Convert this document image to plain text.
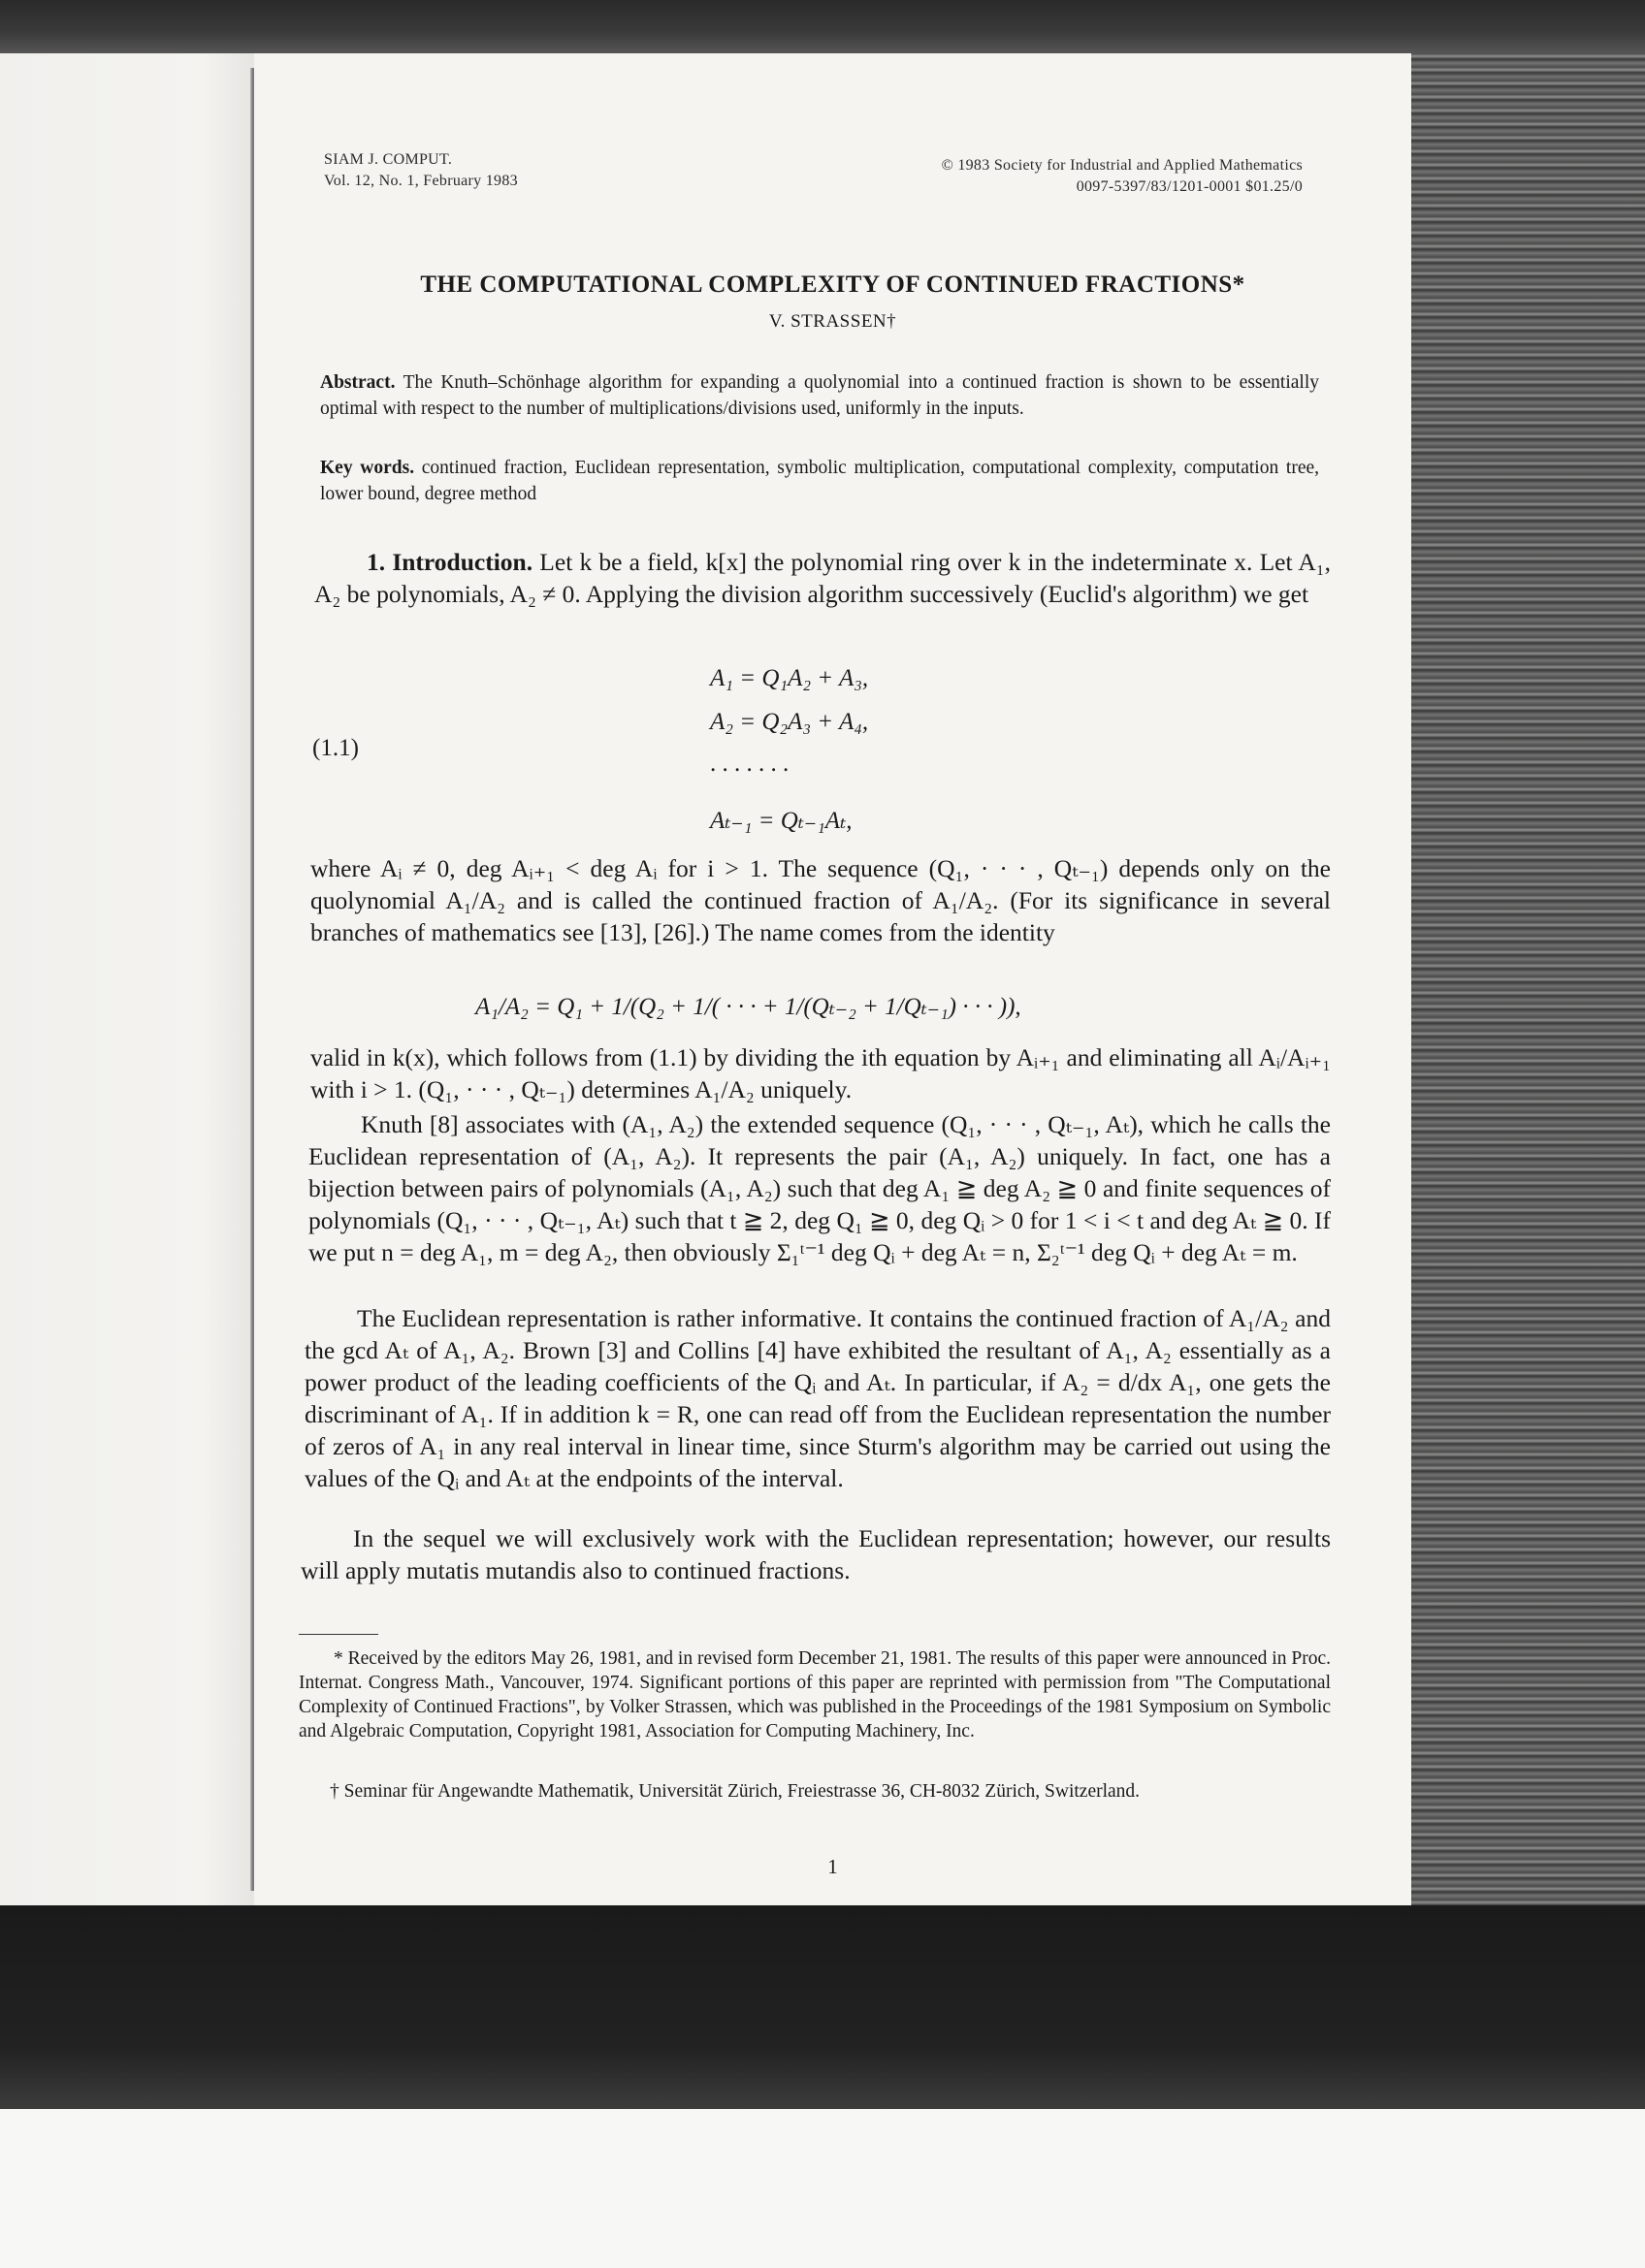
SIAM J. COMPUT.
Vol. 12, No. 1, February 1983
© 1983 Society for Industrial and Applied Mathematics
0097-5397/83/1201-0001 $01.25/0
THE COMPUTATIONAL COMPLEXITY OF CONTINUED FRACTIONS*
V. STRASSEN†
Abstract. The Knuth–Schönhage algorithm for expanding a quolynomial into a continued fraction is shown to be essentially optimal with respect to the number of multiplications/divisions used, uniformly in the inputs.
Key words. continued fraction, Euclidean representation, symbolic multiplication, computational complexity, computation tree, lower bound, degree method
1. Introduction. Let k be a field, k[x] the polynomial ring over k in the indeterminate x. Let A₁, A₂ be polynomials, A₂ ≠ 0. Applying the division algorithm successively (Euclid's algorithm) we get
(1.1)
A₁ = Q₁A₂ + A₃,
A₂ = Q₂A₃ + A₄,
. . . . . . .
Aₜ₋₁ = Qₜ₋₁Aₜ,
where Aᵢ ≠ 0, deg Aᵢ₊₁ < deg Aᵢ for i > 1. The sequence (Q₁, · · · , Qₜ₋₁) depends only on the quolynomial A₁/A₂ and is called the continued fraction of A₁/A₂. (For its significance in several branches of mathematics see [13], [26].) The name comes from the identity
A₁/A₂ = Q₁ + 1/(Q₂ + 1/( · · · + 1/(Qₜ₋₂ + 1/Qₜ₋₁) · · · )),
valid in k(x), which follows from (1.1) by dividing the ith equation by Aᵢ₊₁ and eliminating all Aᵢ/Aᵢ₊₁ with i > 1. (Q₁, · · · , Qₜ₋₁) determines A₁/A₂ uniquely.
Knuth [8] associates with (A₁, A₂) the extended sequence (Q₁, · · · , Qₜ₋₁, Aₜ), which he calls the Euclidean representation of (A₁, A₂). It represents the pair (A₁, A₂) uniquely. In fact, one has a bijection between pairs of polynomials (A₁, A₂) such that deg A₁ ≧ deg A₂ ≧ 0 and finite sequences of polynomials (Q₁, · · · , Qₜ₋₁, Aₜ) such that t ≧ 2, deg Q₁ ≧ 0, deg Qᵢ > 0 for 1 < i < t and deg Aₜ ≧ 0. If we put n = deg A₁, m = deg A₂, then obviously Σ₁ᵗ⁻¹ deg Qᵢ + deg Aₜ = n, Σ₂ᵗ⁻¹ deg Qᵢ + deg Aₜ = m.
The Euclidean representation is rather informative. It contains the continued fraction of A₁/A₂ and the gcd Aₜ of A₁, A₂. Brown [3] and Collins [4] have exhibited the resultant of A₁, A₂ essentially as a power product of the leading coefficients of the Qᵢ and Aₜ. In particular, if A₂ = d/dx A₁, one gets the discriminant of A₁. If in addition k = R, one can read off from the Euclidean representation the number of zeros of A₁ in any real interval in linear time, since Sturm's algorithm may be carried out using the values of the Qᵢ and Aₜ at the endpoints of the interval.
In the sequel we will exclusively work with the Euclidean representation; however, our results will apply mutatis mutandis also to continued fractions.
* Received by the editors May 26, 1981, and in revised form December 21, 1981. The results of this paper were announced in Proc. Internat. Congress Math., Vancouver, 1974. Significant portions of this paper are reprinted with permission from "The Computational Complexity of Continued Fractions", by Volker Strassen, which was published in the Proceedings of the 1981 Symposium on Symbolic and Algebraic Computation, Copyright 1981, Association for Computing Machinery, Inc.
† Seminar für Angewandte Mathematik, Universität Zürich, Freiestrasse 36, CH-8032 Zürich, Switzerland.
1
